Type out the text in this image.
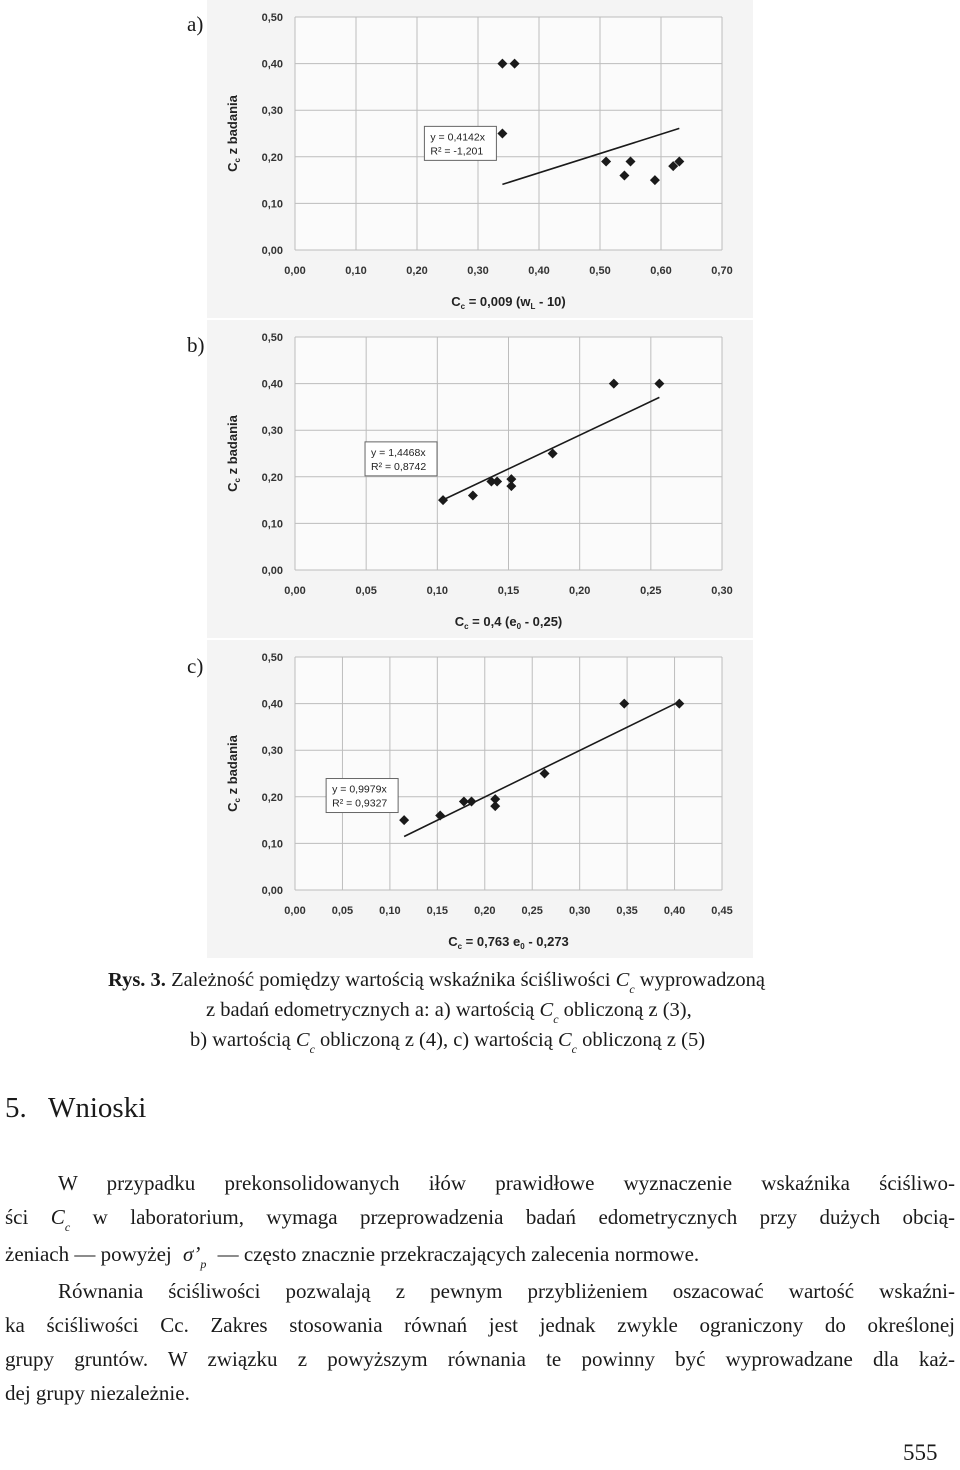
a)
b)
c)
0,00
0,10
0,20
0,30
0,40
0,50
0,00	0,10	0,20	0,30	0,40	0,50	0,60	0,70
y = 0,4142x
R² = -1,201
$C_c$ z badania
$C_c = 0,009$ $(w_L - 10)$
0,00
0,10
0,20
0,30
0,40
0,50
0,00	0,05	0,10	0,15	0,20	0,25	0,30
y = 1,4468x
R² = 0,8742
$C_c$ z badania
$C_c = 0,4$ $(e_0 - 0,25)$
0,00
0,10
0,20
0,30
0,40
0,50
0,00 0,05 0,10 0,15 0,20 0,25 0,30 0,35 0,40 0,45
y = 0,9979x
R² = 0,9327
$C_c$ z badania
$C_c = 0,763$ $e_0 - 0,273$
Rys. 3. Zależność pomiędzy wartością wskaźnika ściśliwości $C_c$ wyprowadzoną
z badań edometrycznych a: a) wartością $C_c$ obliczoną z (3),
b) wartością $C_c$ obliczoną z (4), c) wartością $C_c$ obliczoną z (5)
5. Wnioski
W przypadku prekonsolidowanych iłów prawidłowe wyznaczenie wskaźnika ściśliwo-
ści $C_c$ w laboratorium, wymaga przeprowadzenia badań edometrycznych przy dużych obcią-
żeniach — powyżej $\sigma’_p$ — często znacznie przekraczających zalecenia normowe.
Równania ściśliwości pozwalają z pewnym przybliżeniem oszacować wartość wskaźni-
ka ściśliwości Cc. Zakres stosowania równań jest jednak zwykle ograniczony do określonej
grupy gruntów. W związku z powyższym równania te powinny być wyprowadzane dla każ-
dej grupy niezależnie.
555
